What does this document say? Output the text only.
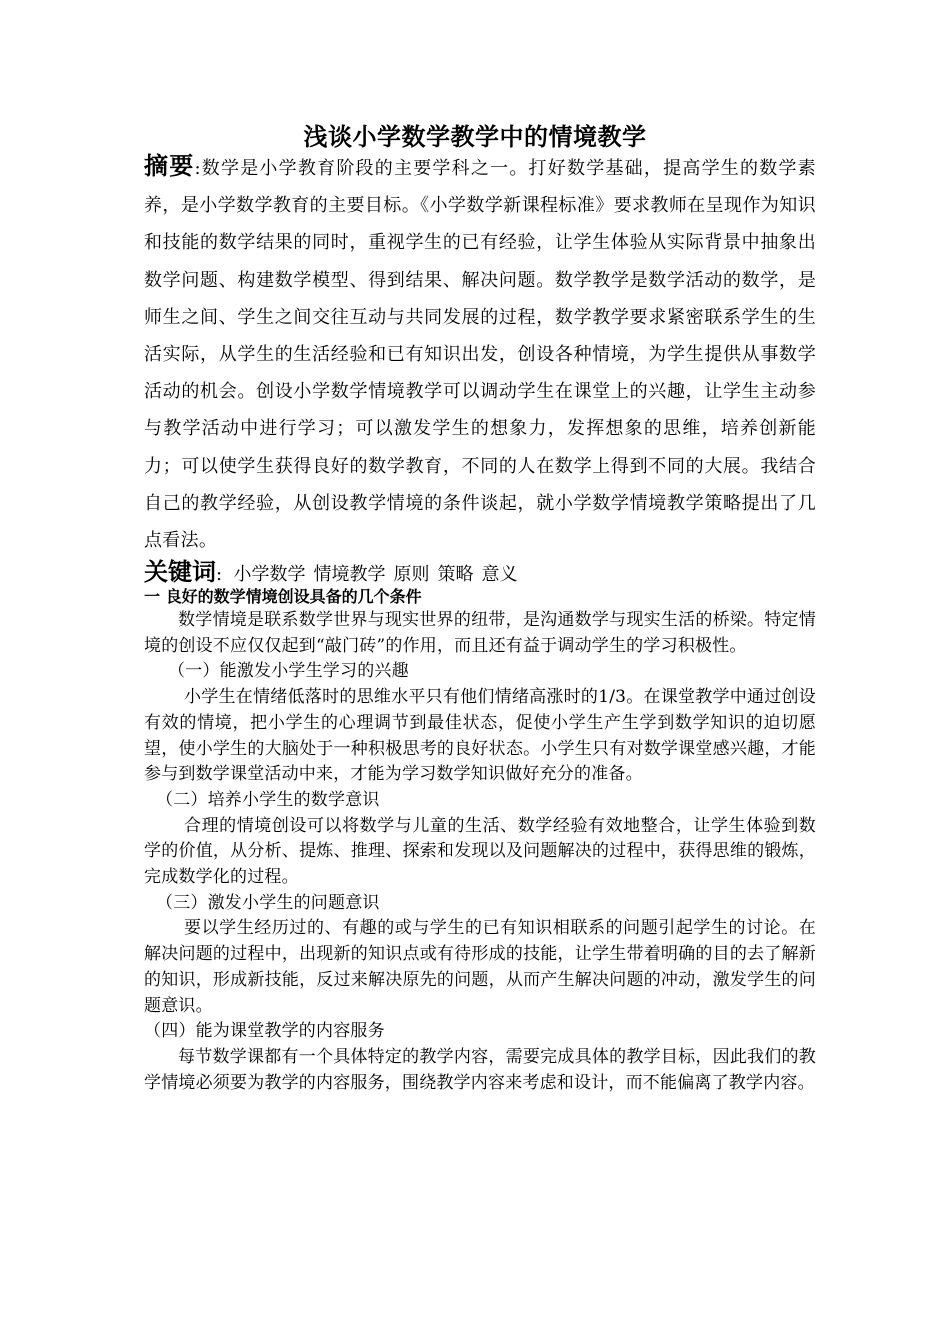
浅谈小学数学教学中的情境教学
摘要:数学是小学教育阶段的主要学科之一。打好数学基础，提高学生的数学素养，是小学数学教育的主要目标。《小学数学新课程标准》要求教师在呈现作为知识和技能的数学结果的同时，重视学生的已有经验，让学生体验从实际背景中抽象出数学问题、构建数学模型、得到结果、解决问题。数学教学是数学活动的数学，是师生之间、学生之间交往互动与共同发展的过程，数学教学要求紧密联系学生的生活实际，从学生的生活经验和已有知识出发，创设各种情境，为学生提供从事数学活动的机会。创设小学数学情境教学可以调动学生在课堂上的兴趣，让学生主动参与教学活动中进行学习；可以激发学生的想象力，发挥想象的思维，培养创新能力；可以使学生获得良好的数学教育，不同的人在数学上得到不同的大展。我结合自己的教学经验，从创设教学情境的条件谈起，就小学数学情境教学策略提出了几点看法。
关键词: 小学数学 情境教学 原则 策略 意义
一 良好的数学情境创设具备的几个条件

数学情境是联系数学世界与现实世界的纽带，是沟通数学与现实生活的桥梁。特定情境的创设不应仅仅起到“敲门砖”的作用，而且还有益于调动学生的学习积极性。

（一）能激发小学生学习的兴趣

小学生在情绪低落时的思维水平只有他们情绪高涨时的1/3。在课堂教学中通过创设有效的情境，把小学生的心理调节到最佳状态，促使小学生产生学到数学知识的迫切愿望，使小学生的大脑处于一种积极思考的良好状态。小学生只有对数学课堂感兴趣，才能参与到数学课堂活动中来，才能为学习数学知识做好充分的准备。

（二）培养小学生的数学意识

合理的情境创设可以将数学与儿童的生活、数学经验有效地整合，让学生体验到数学的价值，从分析、提炼、推理、探索和发现以及问题解决的过程中，获得思维的锻炼，完成数学化的过程。

（三）激发小学生的问题意识

要以学生经历过的、有趣的或与学生的已有知识相联系的问题引起学生的讨论。在解决问题的过程中，出现新的知识点或有待形成的技能，让学生带着明确的目的去了解新的知识，形成新技能，反过来解决原先的问题，从而产生解决问题的冲动，激发学生的问题意识。

（四）能为课堂教学的内容服务

每节数学课都有一个具体特定的教学内容，需要完成具体的教学目标，因此我们的教学情境必须要为教学的内容服务，围绕教学内容来考虑和设计，而不能偏离了教学内容。
